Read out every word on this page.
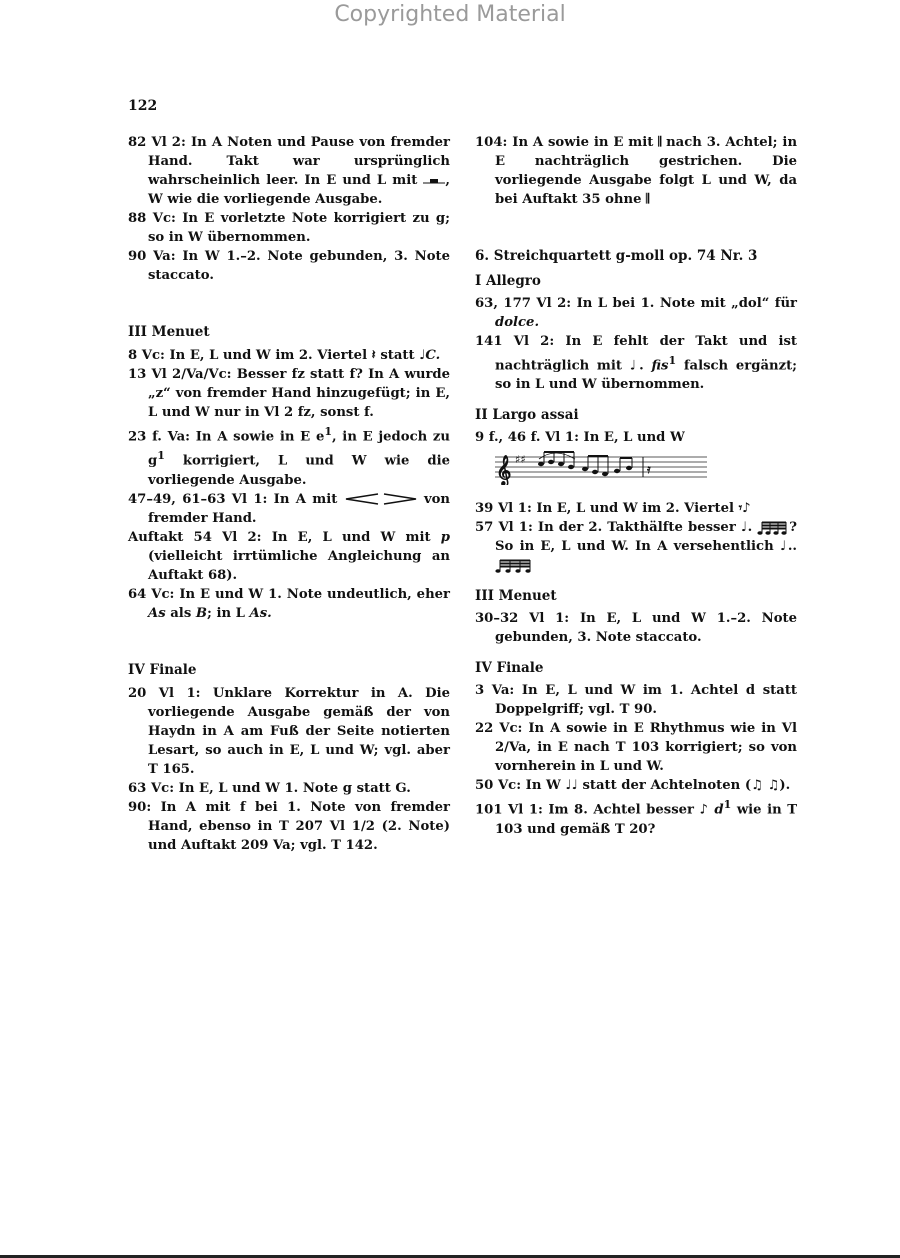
Copyrighted Material
122

82 Vl 2: In A Noten und Pause von fremder Hand. Takt war ursprünglich wahrscheinlich leer. In E und L mit , W wie die vorliegende Ausgabe.

88 Vc: In E vorletzte Note korrigiert zu g; so in W übernommen.

90 Va: In W 1.–2. Note gebunden, 3. Note staccato.

III Menuet

8 Vc: In E, L und W im 2. Viertel 𝄽 statt ♩C.

13 Vl 2/Va/Vc: Besser fz statt f? In A wurde „z“ von fremder Hand hinzugefügt; in E, L und W nur in Vl 2 fz, sonst f.

23 f. Va: In A sowie in E $e^1$, in E jedoch zu $g^1$ korrigiert, L und W wie die vorliegende Ausgabe.

47–49, 61–63 Vl 1: In A mit	von fremder Hand.

Auftakt 54 Vl 2: In E, L und W mit p (vielleicht irrtümliche Angleichung an Auftakt 68).

64 Vc: In E und W 1. Note undeutlich, eher As als B; in L As.

IV Finale

20 Vl 1: Unklare Korrektur in A. Die vorliegende Ausgabe gemäß der von Haydn in A am Fuß der Seite notierten Lesart, so auch in E, L und W; vgl. aber T 165.

63 Vc: In E, L und W 1. Note g statt G.

90: In A mit f bei 1. Note von fremder Hand, ebenso in T 207 Vl 1/2 (2. Note) und Auftakt 209 Va; vgl. T 142.

104: In A sowie in E mit 𝄂 nach 3. Achtel; in E nachträglich gestrichen. Die vorliegende Ausgabe folgt L und W, da bei Auftakt 35 ohne 𝄂

6. Streichquartett g-moll op. 74 Nr. 3
I Allegro

63, 177 Vl 2: In L bei 1. Note mit „dol“ für dolce.

141 Vl 2: In E fehlt der Takt und ist nachträglich mit ♩. fis$^1$ falsch ergänzt; so in L und W übernommen.

II Largo assai

9 f., 46 f. Vl 1: In E, L und W

𝄞 ♯♯
𝄿

39 Vl 1: In E, L und W im 2. Viertel 𝄾♪

57 Vl 1: In der 2. Takthälfte besser ♩.	? So in E, L und W. In A versehentlich ♩..

III Menuet

30–32 Vl 1: In E, L und W 1.–2. Note gebunden, 3. Note staccato.

IV Finale

3 Va: In E, L und W im 1. Achtel d statt Doppelgriff; vgl. T 90.

22 Vc: In A sowie in E Rhythmus wie in Vl 2/Va, in E nach T 103 korrigiert; so von vornherein in L und W.

50 Vc: In W ♩♩ statt der Achtelnoten (♫ ♫).

101 Vl 1: Im 8. Achtel besser ♪ $d^1$ wie in T 103 und gemäß T 20?
